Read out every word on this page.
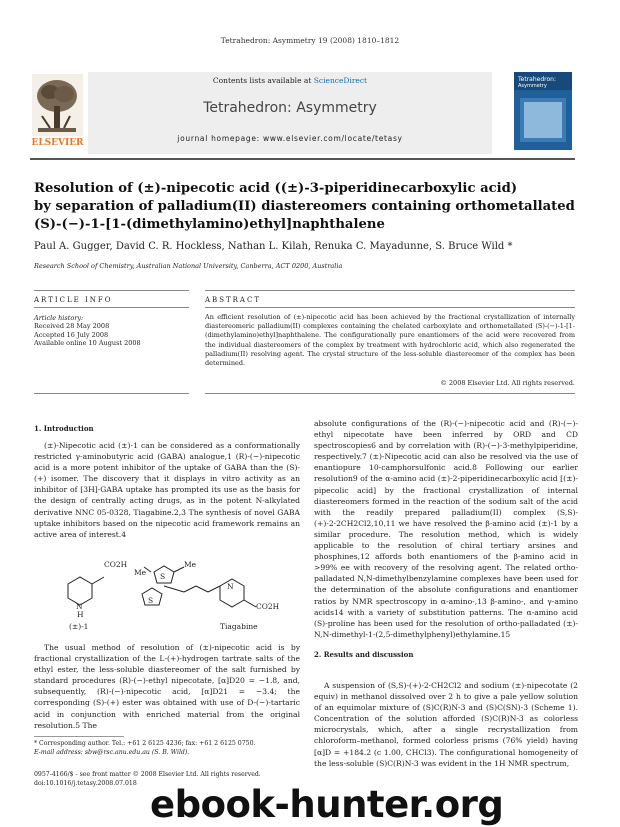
Tetrahedron: Asymmetry 19 (2008) 1810–1812
Contents lists available at ScienceDirect
Tetrahedron: Asymmetry
journal homepage: www.elsevier.com/locate/tetasy
ELSEVIER
Tetrahedron:
Asymmetry
Resolution of (±)-nipecotic acid ((±)-3-piperidinecarboxylic acid)
by separation of palladium(II) diastereomers containing orthometallated
(S)-(−)-1-[1-(dimethylamino)ethyl]naphthalene
Paul A. Gugger, David C. R. Hockless, Nathan L. Kilah, Renuka C. Mayadunne, S. Bruce Wild *
Research School of Chemistry, Australian National University, Canberra, ACT 0200, Australia
ARTICLE INFO	ABSTRACT
Article history:
Received 28 May 2008
Accepted 16 July 2008
Available online 10 August 2008
An efficient resolution of (±)-nipecotic acid has been achieved by the fractional crystallization of internally diastereomeric palladium(II) complexes containing the chelated carboxylate and orthometallated (S)-(−)-1-[1-(dimethylamino)ethyl]naphthalene. The configurationally pure enantiomers of the acid were recovered from the individual diastereomers of the complex by treatment with hydrochloric acid, which also regenerated the palladium(II) resolving agent. The crystal structure of the less-soluble diastereomer of the complex has been determined.
© 2008 Elsevier Ltd. All rights reserved.
1. Introduction
(±)-Nipecotic acid (±)-1 can be considered as a conformationally restricted γ-aminobutyric acid (GABA) analogue,1 (R)-(−)-nipecotic acid is a more potent inhibitor of the uptake of GABA than the (S)-(+) isomer. The discovery that it displays in vitro activity as an inhibitor of [3H]-GABA uptake has prompted its use as the basis for the design of centrally acting drugs, as in the potent N-alkylated derivative NNC 05-0328, Tiagabine.2,3 The synthesis of novel GABA uptake inhibitors based on the nipecotic acid framework remains an active area of interest.4
CO2H
N
H
(±)-1
Me
Me
S
S
N
CO2H
Tiagabine
The usual method of resolution of (±)-nipecotic acid is by fractional crystallization of the L-(+)-hydrogen tartrate salts of the ethyl ester, the less-soluble diastereomer of the salt furnished by standard procedures (R)-(−)-ethyl nipecotate, [α]D20 = −1.8, and, subsequently, (R)-(−)-nipecotic acid, [α]D21 = −3.4; the corresponding (S)-(+) ester was obtained with use of D-(−)-tartaric acid in conjunction with enriched material from the original resolution.5 The
absolute configurations of the (R)-(−)-nipecotic acid and (R)-(−)-ethyl nipecotate have been inferred by ORD and CD spectroscopies6 and by correlation with (R)-(−)-3-methylpiperidine, respectively.7 (±)-Nipecotic acid can also be resolved via the use of enantiopure 10-camphorsulfonic acid.8 Following our earlier resolution9 of the α-amino acid (±)-2-piperidinecarboxylic acid [(±)-pipecolic acid] by the fractional crystallization of internal diastereomers formed in the reaction of the sodium salt of the acid with the readily prepared palladium(II) complex (S,S)-(+)-2·2CH2Cl2,10,11 we have resolved the β-amino acid (±)-1 by a similar procedure. The resolution method, which is widely applicable to the resolution of chiral tertiary arsines and phosphines,12 affords both enantiomers of the β-amino acid in >99% ee with recovery of the resolving agent. The related ortho-palladated N,N-dimethylbenzylamine complexes have been used for the determination of the absolute configurations and enantiomer ratios by NMR spectroscopy in α-amino-,13 β-amino-, and γ-amino acids14 with a variety of substitution patterns. The α-amino acid (S)-proline has been used for the resolution of ortho-palladated (±)-N,N-dimethyl-1-(2,5-dimethylphenyl)ethylamine.15
2. Results and discussion
A suspension of (S,S)-(+)-2·CH2Cl2 and sodium (±)-nipecotate (2 equiv) in methanol dissolved over 2 h to give a pale yellow solution of an equimolar mixture of (S)C(R)N-3 and (S)C(SN)-3 (Scheme 1). Concentration of the solution afforded (S)C(R)N-3 as colorless microcrystals, which, after a single recrystallization from chloroform–methanol, formed colorless prisms (76% yield) having [α]D = +184.2 (c 1.00, CHCl3). The configurational homogeneity of the less-soluble (S)C(R)N-3 was evident in the 1H NMR spectrum,
* Corresponding author. Tel.: +61 2 6125 4236; fax: +61 2 6125 0750.
E-mail address: sbw@rsc.anu.edu.au (S. B. Wild).
0957-4166/$ - see front matter © 2008 Elsevier Ltd. All rights reserved.
doi:10.1016/j.tetasy.2008.07.018 ebook-hunter.org
